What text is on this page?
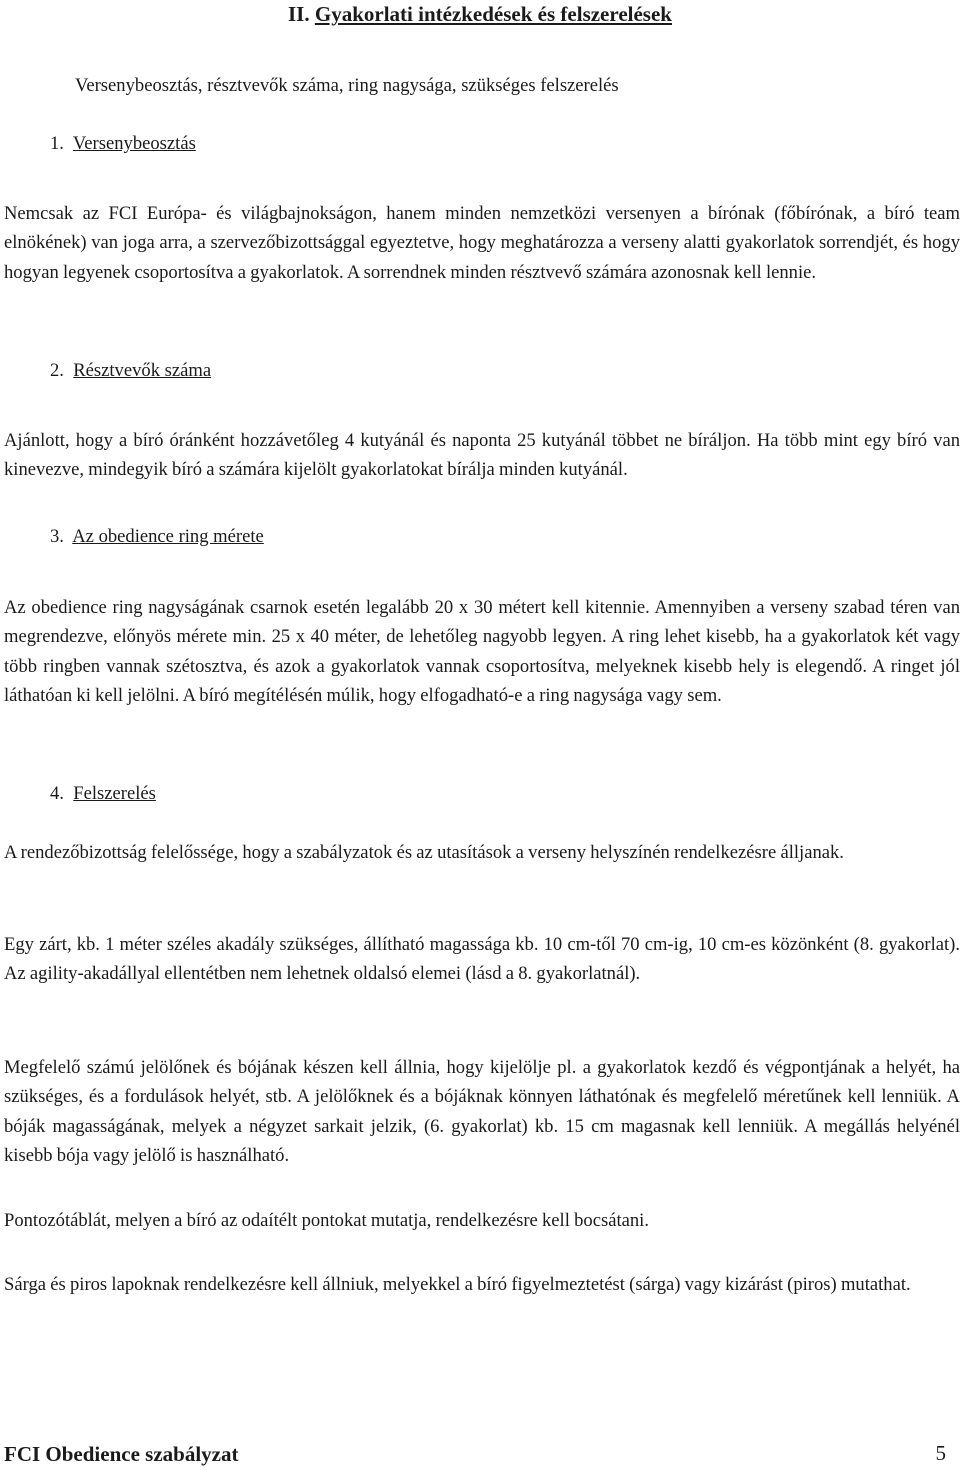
II. Gyakorlati intézkedések és felszerelések
Versenybeosztás, résztvevők száma, ring nagysága, szükséges felszerelés
1. Versenybeosztás
Nemcsak az FCI Európa- és világbajnokságon, hanem minden nemzetközi versenyen a bírónak (főbírónak, a bíró team elnökének) van joga arra, a szervezőbizottsággal egyeztetve, hogy meghatározza a verseny alatti gyakorlatok sorrendjét, és hogy hogyan legyenek csoportosítva a gyakorlatok. A sorrendnek minden résztvevő számára azonosnak kell lennie.
2. Résztvevők száma
Ajánlott, hogy a bíró óránként hozzávetőleg 4 kutyánál és naponta 25 kutyánál többet ne bíráljon. Ha több mint egy bíró van kinevezve, mindegyik bíró a számára kijelölt gyakorlatokat bírálja minden kutyánál.
3. Az obedience ring mérete
Az obedience ring nagyságának csarnok esetén legalább 20 x 30 métert kell kitennie. Amennyiben a verseny szabad téren van megrendezve, előnyös mérete min. 25 x 40 méter, de lehetőleg nagyobb legyen. A ring lehet kisebb, ha a gyakorlatok két vagy több ringben vannak szétosztva, és azok a gyakorlatok vannak csoportosítva, melyeknek kisebb hely is elegendő. A ringet jól láthatóan ki kell jelölni. A bíró megítélésén múlik, hogy elfogadható-e a ring nagysága vagy sem.
4. Felszerelés
A rendezőbizottság felelőssége, hogy a szabályzatok és az utasítások a verseny helyszínén rendelkezésre álljanak.
Egy zárt, kb. 1 méter széles akadály szükséges, állítható magassága kb. 10 cm-től 70 cm-ig, 10 cm-es közönként (8. gyakorlat). Az agility-akadállyal ellentétben nem lehetnek oldalsó elemei (lásd a 8. gyakorlatnál).
Megfelelő számú jelölőnek és bójának készen kell állnia, hogy kijelölje pl. a gyakorlatok kezdő és végpontjának a helyét, ha szükséges, és a fordulások helyét, stb. A jelölőknek és a bójáknak könnyen láthatónak és megfelelő méretűnek kell lenniük. A bóják magasságának, melyek a négyzet sarkait jelzik, (6. gyakorlat) kb. 15 cm magasnak kell lenniük. A megállás helyénél kisebb bója vagy jelölő is használható.
Pontozótáblát, melyen a bíró az odaítélt pontokat mutatja, rendelkezésre kell bocsátani.
Sárga és piros lapoknak rendelkezésre kell állniuk, melyekkel a bíró figyelmeztetést (sárga) vagy kizárást (piros) mutathat.
FCI Obedience szabályzat	5
